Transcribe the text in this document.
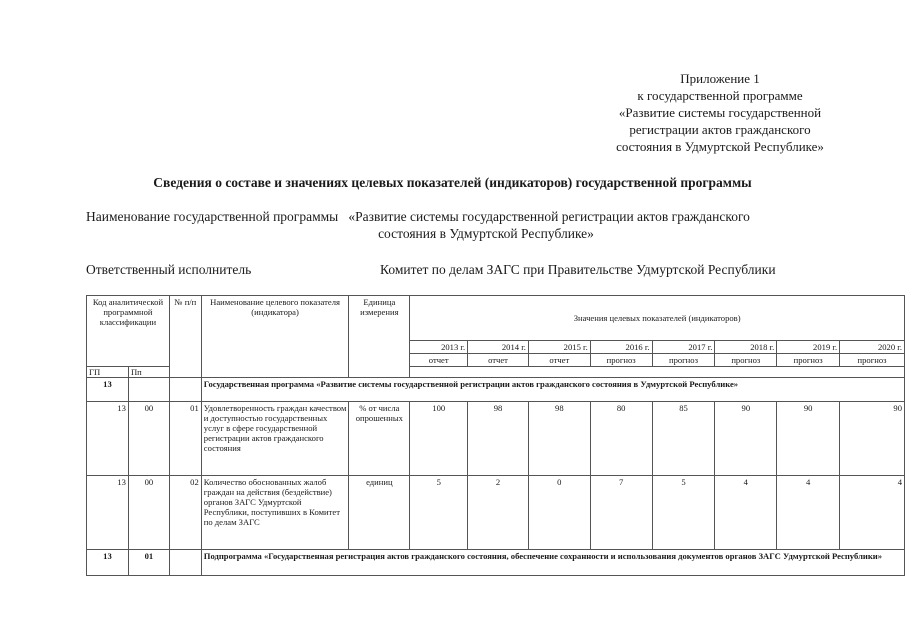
Приложение 1
к государственной программе
«Развитие системы государственной
регистрации актов гражданского
состояния в Удмуртской Республике»
Сведения о составе и значениях целевых показателей (индикаторов) государственной программы
Наименование государственной программы «Развитие системы государственной регистрации актов гражданского
состояния в Удмуртской Республике»
Ответственный исполнитель	Комитет по делам ЗАГС при Правительстве Удмуртской Республики
Код аналитической программной классификации		№ п/п	Наименование целевого показателя (индикатора)	Единица измерения	Значения целевых показателей (индикаторов)							
					2013 г.	2014 г.	2015 г.	2016 г.	2017 г.	2018 г.	2019 г.	2020 г.
					отчет	отчет	отчет	прогноз	прогноз	прогноз	прогноз	прогноз
ГП	Пп											
13			Государственная программа «Развитие системы государственной регистрации актов гражданского состояния в Удмуртской Республике»									
13	00	01	Удовлетворенность граждан качеством и доступностью государственных услуг в сфере государственной регистрации актов гражданского состояния	% от числа опрошенных	100	98	98	80	85	90	90	90
13	00	02	Количество обоснованных жалоб граждан на действия (бездействие) органов ЗАГС Удмуртской Республики, поступивших в Комитет по делам ЗАГС	единиц	5	2	0	7	5	4	4	4
13	01		Подпрограмма «Государственная регистрация актов гражданского состояния, обеспечение сохранности и использования документов органов ЗАГС Удмуртской Республики»									
